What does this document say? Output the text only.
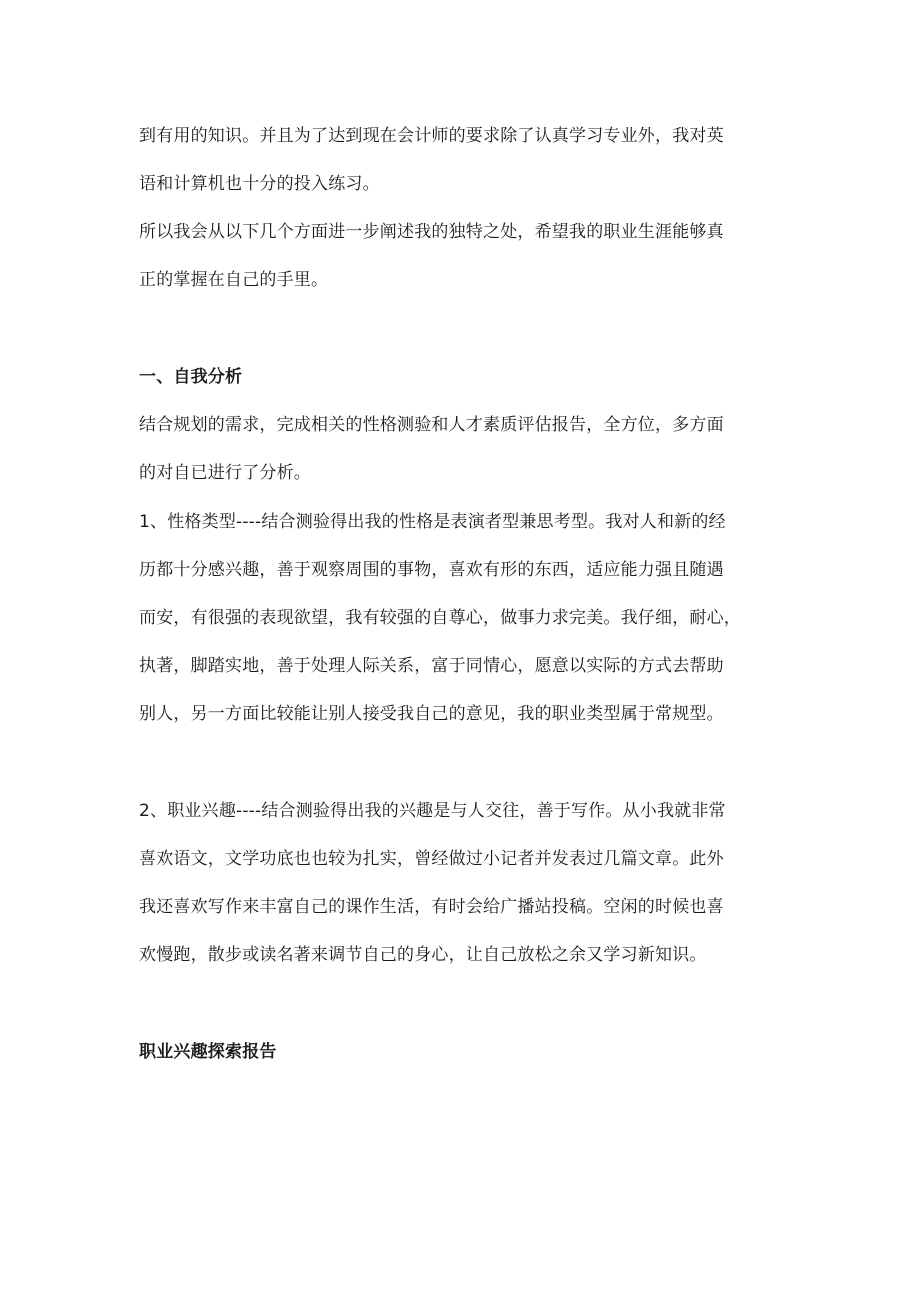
到有用的知识。并且为了达到现在会计师的要求除了认真学习专业外，我对英
语和计算机也十分的投入练习。
所以我会从以下几个方面进一步阐述我的独特之处，希望我的职业生涯能够真
正的掌握在自己的手里。
一、自我分析
结合规划的需求，完成相关的性格测验和人才素质评估报告，全方位，多方面
的对自已进行了分析。
1、性格类型----结合测验得出我的性格是表演者型兼思考型。我对人和新的经
历都十分感兴趣，善于观察周围的事物，喜欢有形的东西，适应能力强且随遇
而安，有很强的表现欲望，我有较强的自尊心，做事力求完美。我仔细，耐心，
执著，脚踏实地，善于处理人际关系，富于同情心，愿意以实际的方式去帮助
别人，另一方面比较能让别人接受我自己的意见，我的职业类型属于常规型。
2、职业兴趣----结合测验得出我的兴趣是与人交往，善于写作。从小我就非常
喜欢语文，文学功底也也较为扎实，曾经做过小记者并发表过几篇文章。此外
我还喜欢写作来丰富自己的课作生活，有时会给广播站投稿。空闲的时候也喜
欢慢跑，散步或读名著来调节自己的身心，让自己放松之余又学习新知识。
职业兴趣探索报告
